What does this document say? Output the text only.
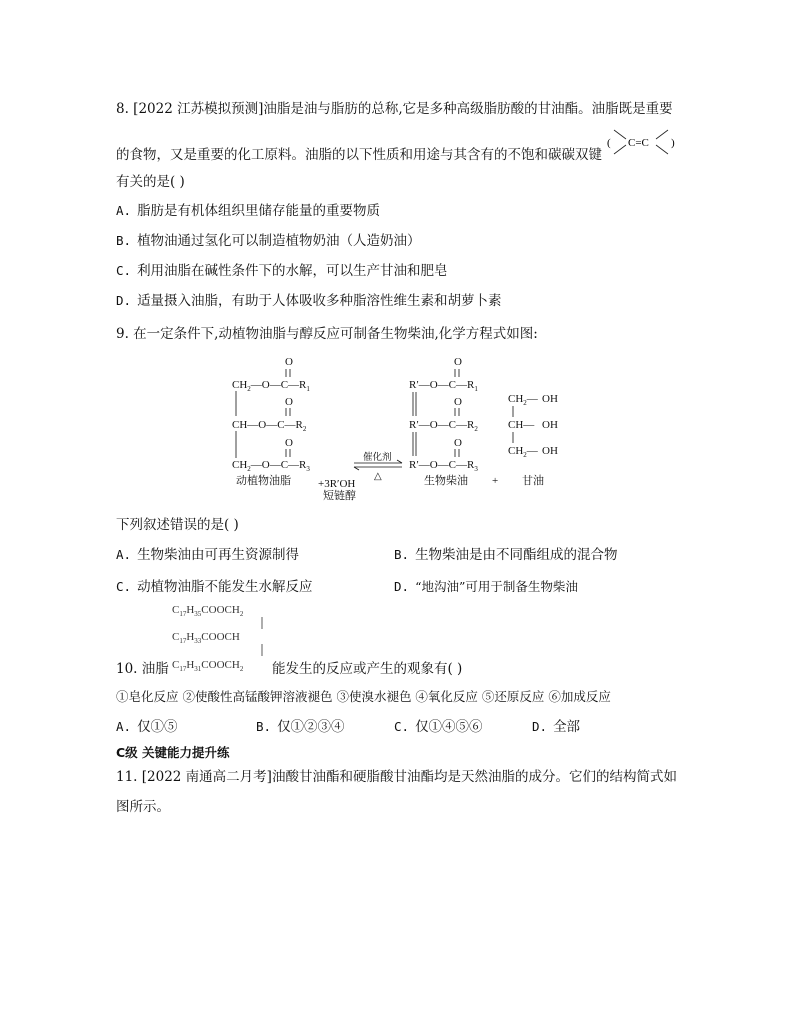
8. [2022 江苏模拟预测]油脂是油与脂肪的总称,它是多种高级脂肪酸的甘油酯。油脂既是重要
的食物，又是重要的化工原料。油脂的以下性质和用途与其含有的不饱和碳碳双键
( C=C )
有关的是( )
A. 脂肪是有机体组织里储存能量的重要物质
B. 植物油通过氢化可以制造植物奶油（人造奶油）
C. 利用油脂在碱性条件下的水解，可以生产甘油和肥皂
D. 适量摄入油脂，有助于人体吸收多种脂溶性维生素和胡萝卜素
9. 在一定条件下,动植物油脂与醇反应可制备生物柴油,化学方程式如图:
O
$CH_2—O—C—R_1$
O
$CH—O—C—R_2$
O
$CH_2—O—C—R_3$
动植物油脂 +3R′OH
短链醇
催化剂
△
O
$R'—O—C—R_1$
O
$R'—O—C—R_2$
O
$R'—O—C—R_3$
生物柴油 +
$CH_2—$ OH
CH— OH
$CH_2—$ OH
甘油
下列叙述错误的是( )
A. 生物柴油由可再生资源制得	B. 生物柴油是由不同酯组成的混合物
C. 动植物油脂不能发生水解反应	D. “地沟油”可用于制备生物柴油
$C_{17}H_{35}COOCH_2$
$C_{17}H_{33}COOCH$
$C_{17}H_{31}COOCH_2$
10. 油脂	能发生的反应或产生的观象有( )
①皂化反应 ②使酸性高锰酸钾溶液褪色 ③使溴水褪色 ④氧化反应 ⑤还原反应 ⑥加成反应
A. 仅①⑤	B. 仅①②③④	C. 仅①④⑤⑥	D. 全部
C级 关键能力提升练
11. [2022 南通高二月考]油酸甘油酯和硬脂酸甘油酯均是天然油脂的成分。它们的结构简式如
图所示。
